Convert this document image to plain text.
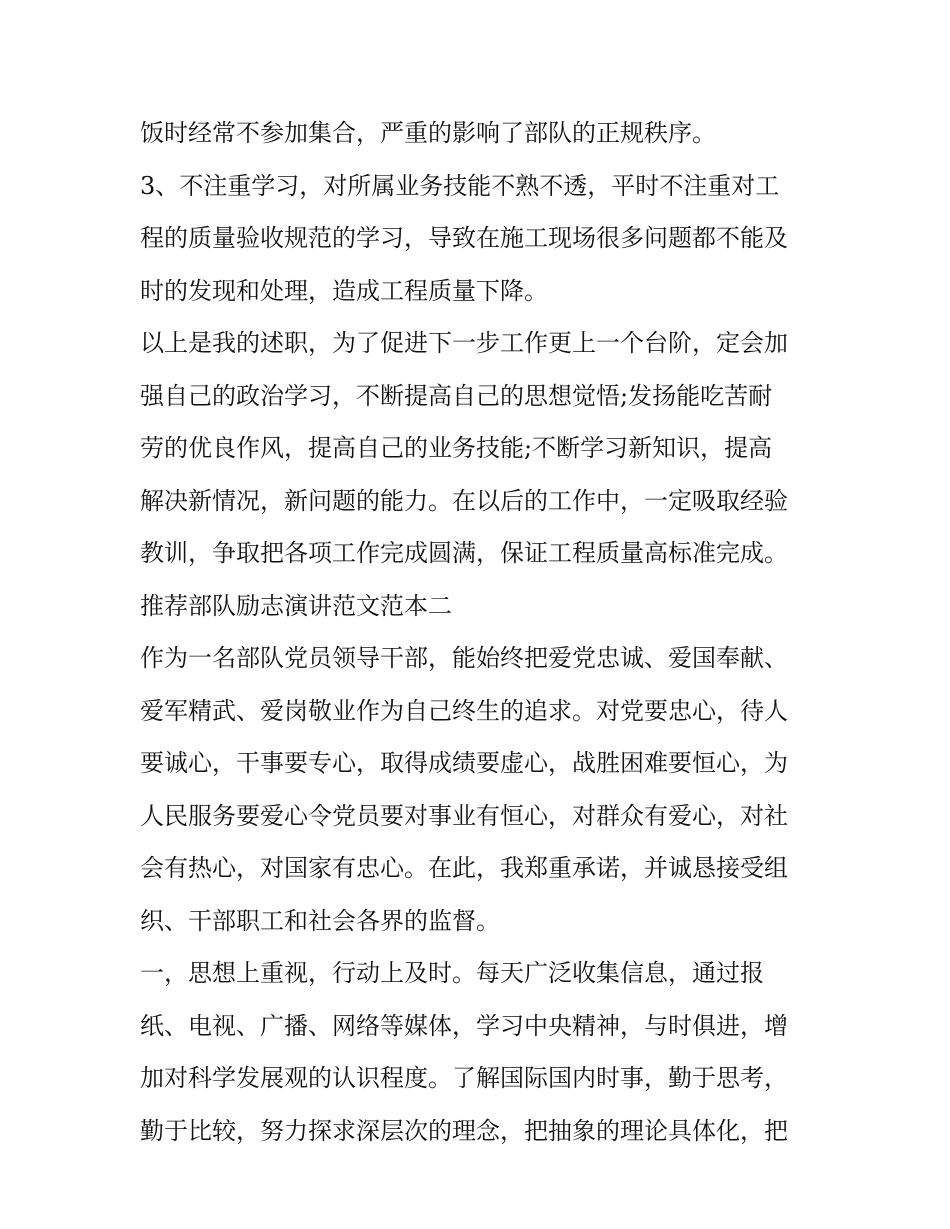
饭时经常不参加集合，严重的影响了部队的正规秩序。
3、不注重学习，对所属业务技能不熟不透，平时不注重对工
程的质量验收规范的学习，导致在施工现场很多问题都不能及
时的发现和处理，造成工程质量下降。
以上是我的述职，为了促进下一步工作更上一个台阶，定会加
强自己的政治学习，不断提高自己的思想觉悟;发扬能吃苦耐
劳的优良作风，提高自己的业务技能;不断学习新知识，提高
解决新情况，新问题的能力。在以后的工作中，一定吸取经验
教训，争取把各项工作完成圆满，保证工程质量高标准完成。
推荐部队励志演讲范文范本二
作为一名部队党员领导干部，能始终把爱党忠诚、爱国奉献、
爱军精武、爱岗敬业作为自己终生的追求。对党要忠心，待人
要诚心，干事要专心，取得成绩要虚心，战胜困难要恒心，为
人民服务要爱心令党员要对事业有恒心，对群众有爱心，对社
会有热心，对国家有忠心。在此，我郑重承诺，并诚恳接受组
织、干部职工和社会各界的监督。
一，思想上重视，行动上及时。每天广泛收集信息，通过报
纸、电视、广播、网络等媒体，学习中央精神，与时俱进，增
加对科学发展观的认识程度。了解国际国内时事，勤于思考，
勤于比较，努力探求深层次的理念，把抽象的理论具体化，把
